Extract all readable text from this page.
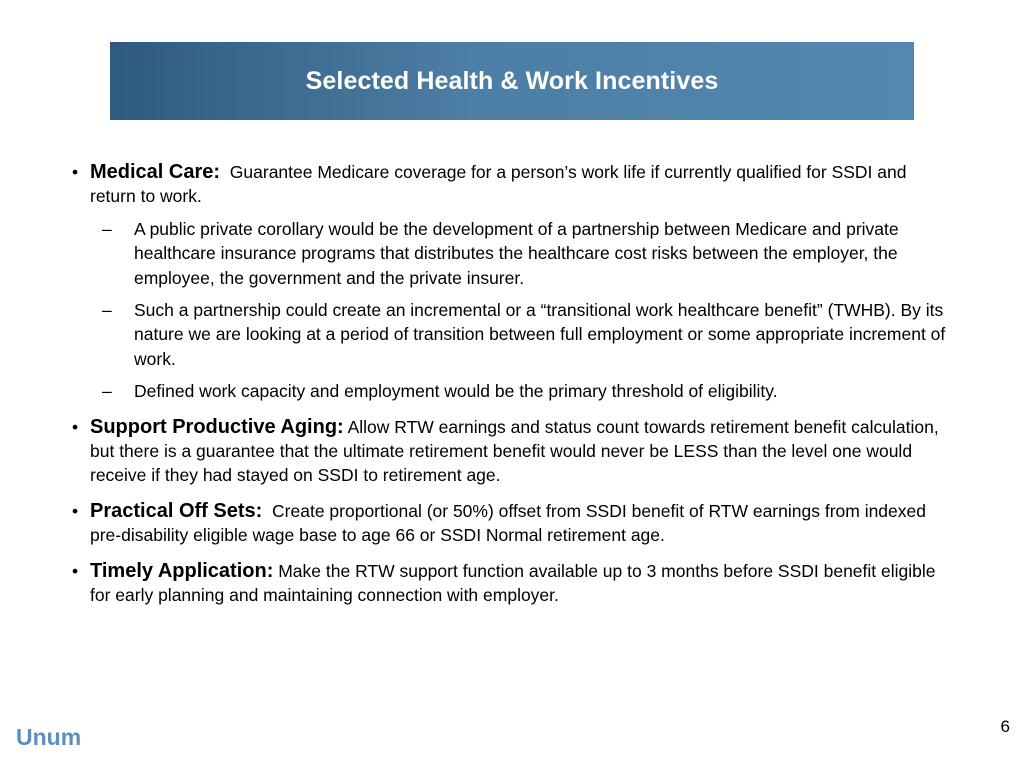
Selected Health & Work Incentives
• Medical Care: Guarantee Medicare coverage for a person’s work life if currently qualified for SSDI and return to work.
– A public private corollary would be the development of a partnership between Medicare and private healthcare insurance programs that distributes the healthcare cost risks between the employer, the employee, the government and the private insurer.
– Such a partnership could create an incremental or a “transitional work healthcare benefit” (TWHB). By its nature we are looking at a period of transition between full employment or some appropriate increment of work.
– Defined work capacity and employment would be the primary threshold of eligibility.
• Support Productive Aging: Allow RTW earnings and status count towards retirement benefit calculation, but there is a guarantee that the ultimate retirement benefit would never be LESS than the level one would receive if they had stayed on SSDI to retirement age.
• Practical Off Sets: Create proportional (or 50%) offset from SSDI benefit of RTW earnings from indexed pre-disability eligible wage base to age 66 or SSDI Normal retirement age.
• Timely Application: Make the RTW support function available up to 3 months before SSDI benefit eligible for early planning and maintaining connection with employer.
Unum	6
